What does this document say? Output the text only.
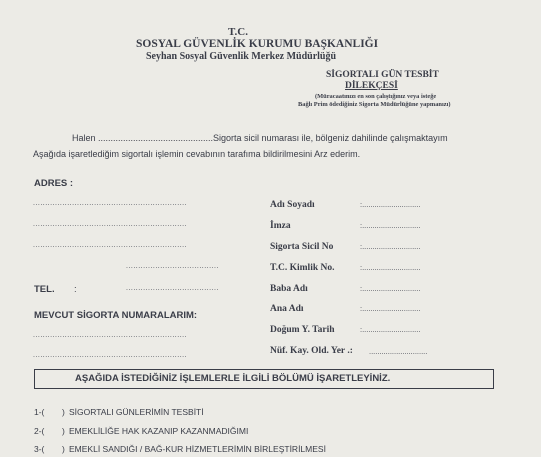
T.C.
SOSYAL GÜVENLİK KURUMU BAŞKANLIĞI
Seyhan Sosyal Güvenlik Merkez Müdürlüğü
SİGORTALI GÜN TESBİT
DİLEKÇESİ
(Müracaatınızı en son çalıştığınız veya isteğe
Bağlı Prim ödediğiniz Sigorta Müdürlüğüne yapmanızı)
Halen ..............................................Sigorta sicil numarası ile, bölgeniz dahilinde çalışmaktayım
Aşağıda işaretlediğim sigortalı işlemin cevabının tarafıma bildirilmesini Arz ederim.
ADRES :
...............................................................
...............................................................
...............................................................
......................................
TEL. :	......................................
MEVCUT SİGORTA NUMARALARIM:
...............................................................
...............................................................
Adı Soyadı	:............................
İmza	:............................
Sigorta Sicil No	:............................
T.C. Kimlik No.	:............................
Baba Adı	:............................
Ana Adı	:............................
Doğum Y. Tarih	:............................
Nüf. Kay. Old. Yer .: ............................
AŞAĞIDA İSTEDİĞİNİZ İŞLEMLERLE İLGİLİ BÖLÜMÜ İŞARETLEYİNİZ.
1-( ) SİGORTALI GÜNLERİMİN TESBİTİ
2-( ) EMEKLİLİĞE HAK KAZANIP KAZANMADIĞIMI
3-( ) EMEKLİ SANDIĞI / BAĞ-KUR HİZMETLERİMİN BİRLEŞTİRİLMESİ
